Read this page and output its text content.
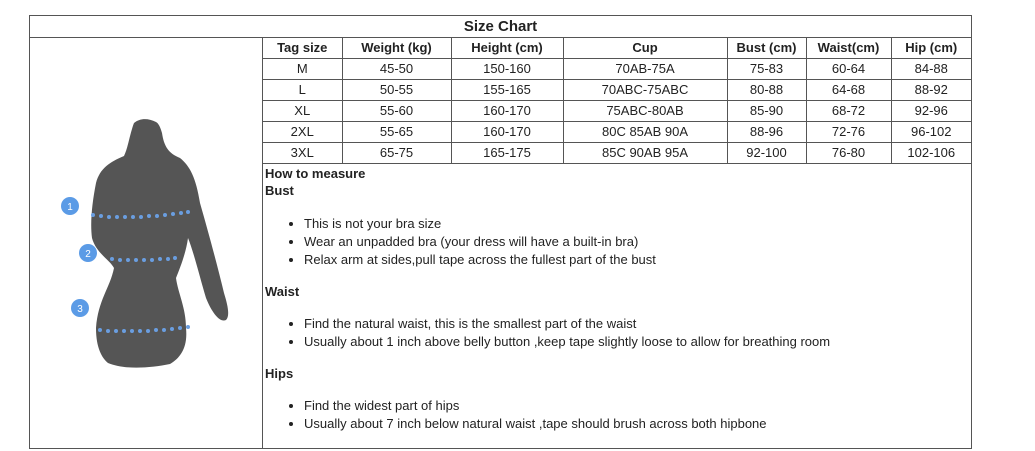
Size Chart
1
2
3
Tag size	Weight (kg)	Height (cm)	Cup	Bust (cm)	Waist(cm)	Hip (cm)
M	45-50	150-160	70AB-75A	75-83	60-64	84-88
L	50-55	155-165	70ABC-75ABC	80-88	64-68	88-92
XL	55-60	160-170	75ABC-80AB	85-90	68-72	92-96
2XL	55-65	160-170	80C 85AB 90A	88-96	72-76	96-102
3XL	65-75	165-175	85C 90AB 95A	92-100	76-80	102-106
How to measure
Bust
• This is not your bra size
• Wear an unpadded bra (your dress will have a built-in bra)
• Relax arm at sides,pull tape across the fullest part of the bust
Waist
• Find the natural waist, this is the smallest part of the waist
• Usually about 1 inch above belly button ,keep tape slightly loose to allow for breathing room
Hips
• Find the widest part of hips
• Usually about 7 inch below natural waist ,tape should brush across both hipbone
